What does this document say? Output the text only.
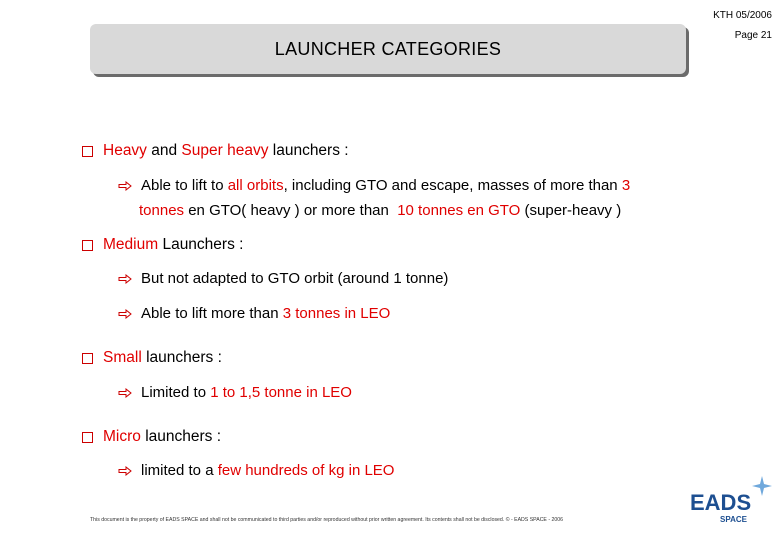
KTH 05/2006
Page 21
LAUNCHER CATEGORIES
Heavy and Super heavy launchers :
Able to lift to all orbits , including GTO and escape, masses of more than 3
tonnes en GTO( heavy ) or more than  10 tonnes en GTO (super-heavy )
Medium Launchers :
But not adapted to GTO orbit (around 1 tonne)
Able to lift more than 3 tonnes in LEO
Small launchers :
Limited to 1 to 1,5 tonne in LEO
Micro launchers :
limited to a few hundreds of kg in LEO
This document is the property of EADS SPACE and shall not be communicated to third parties and/or reproduced without prior written agreement. Its contents shall not be disclosed. © - EADS SPACE - 2006
EADS
SPACE
